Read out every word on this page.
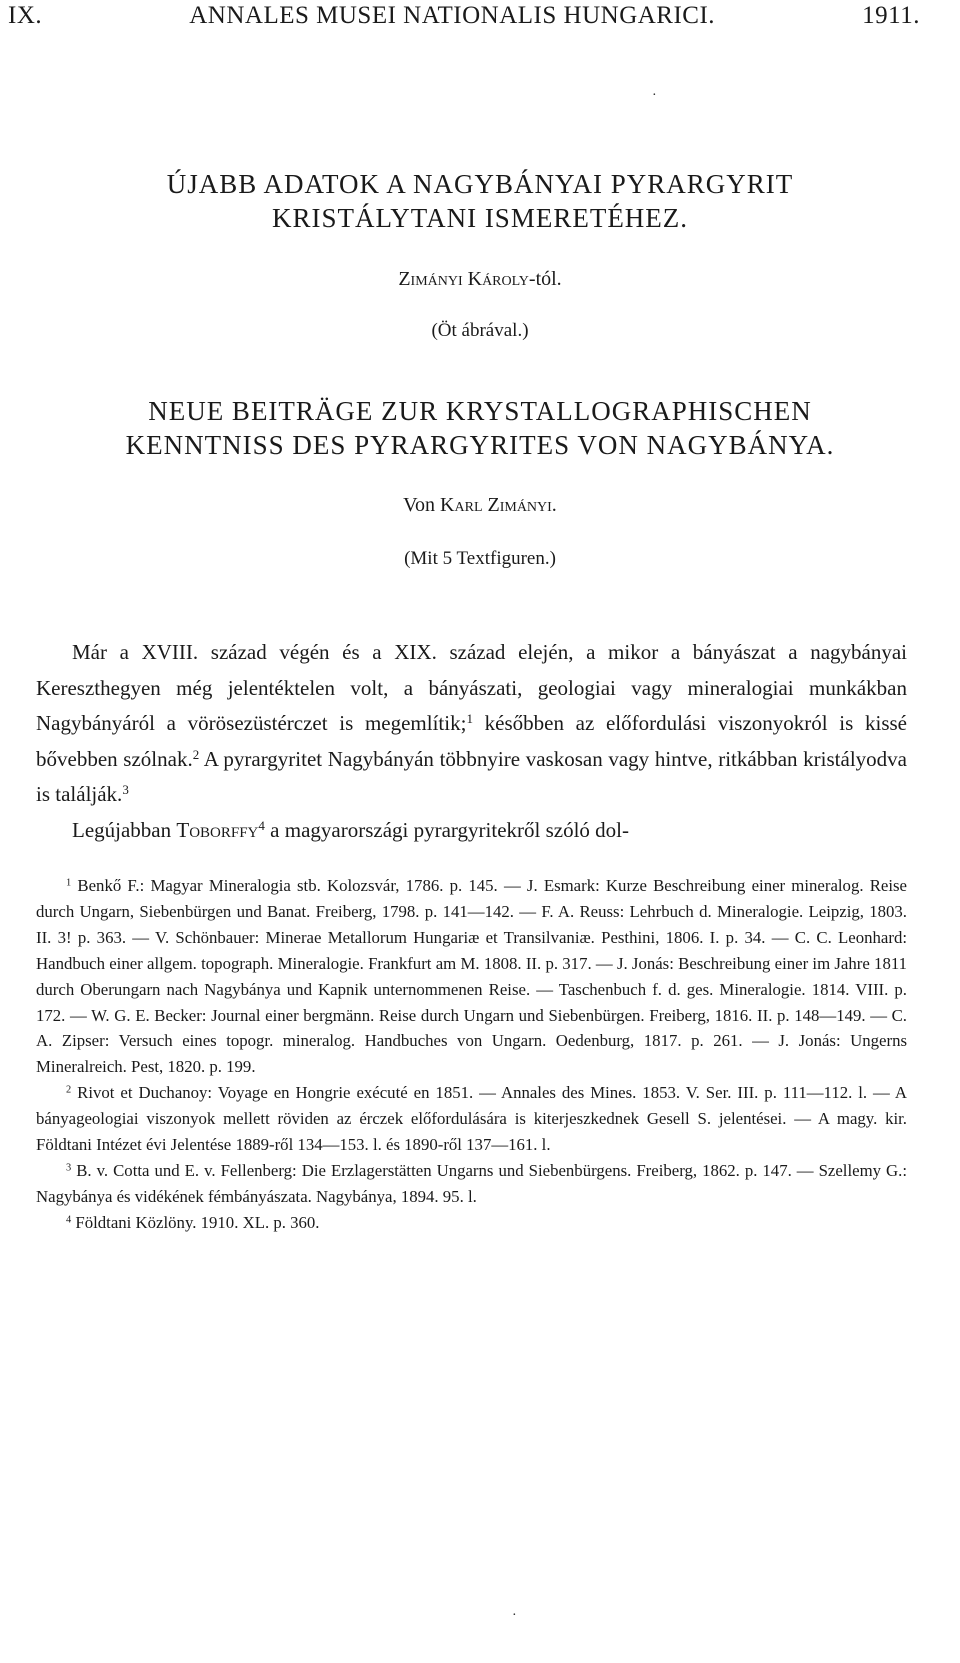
IX.	ANNALES MUSEI NATIONALIS HUNGARICI.	1911.
·
ÚJABB ADATOK A NAGYBÁNYAI PYRARGYRIT
KRISTÁLYTANI ISMERETÉHEZ.
Zimányi Károly-tól.
(Öt ábrával.)
NEUE BEITRÄGE ZUR KRYSTALLOGRAPHISCHEN
KENNTNISS DES PYRARGYRITES VON NAGYBÁNYA.
Von Karl Zimányi.
(Mit 5 Textfiguren.)

Már a XVIII. század végén és a XIX. század elején, a mikor a bányászat a nagybányai Kereszthegyen még jelentéktelen volt, a bányászati, geologiai vagy mineralogiai munkákban Nagybányáról a vörösezüstérczet is megemlítik;$^1$ későbben az előfordulási viszonyokról is kissé bővebben szólnak.$^2$ A pyrargyritet Nagybányán többnyire vaskosan vagy hintve, ritkábban kristályodva is találják.$^3$

Legújabban Toborffy$^4$ a magyarországi pyrargyritekről szóló dol-

$^1$ Benkő F.: Magyar Mineralogia stb. Kolozsvár, 1786. p. 145. — J. Esmark: Kurze Beschreibung einer mineralog. Reise durch Ungarn, Siebenbürgen und Banat. Freiberg, 1798. p. 141—142. — F. A. Reuss: Lehrbuch d. Mineralogie. Leipzig, 1803. II. 3! p. 363. — V. Schönbauer: Minerae Metallorum Hungariæ et Transilvaniæ. Pesthini, 1806. I. p. 34. — C. C. Leonhard: Handbuch einer allgem. topograph. Mineralogie. Frankfurt am M. 1808. II. p. 317. — J. Jonás: Beschreibung einer im Jahre 1811 durch Oberungarn nach Nagybánya und Kapnik unternommenen Reise. — Taschenbuch f. d. ges. Mineralogie. 1814. VIII. p. 172. — W. G. E. Becker: Journal einer bergmänn. Reise durch Ungarn und Siebenbürgen. Freiberg, 1816. II. p. 148—149. — C. A. Zipser: Versuch eines topogr. mineralog. Handbuches von Ungarn. Oedenburg, 1817. p. 261. — J. Jonás: Ungerns Mineralreich. Pest, 1820. p. 199.

$^2$ Rivot et Duchanoy: Voyage en Hongrie exécuté en 1851. — Annales des Mines. 1853. V. Ser. III. p. 111—112. l. — A bányageologiai viszonyok mellett röviden az érczek előfordulására is kiterjeszkednek Gesell S. jelentései. — A magy. kir. Földtani Intézet évi Jelentése 1889-ről 134—153. l. és 1890-ről 137—161. l.

$^3$ B. v. Cotta und E. v. Fellenberg: Die Erzlagerstätten Ungarns und Siebenbürgens. Freiberg, 1862. p. 147. — Szellemy G.: Nagybánya és vidékének fémbányászata. Nagybánya, 1894. 95. l.

$^4$ Földtani Közlöny. 1910. XL. p. 360.

·
